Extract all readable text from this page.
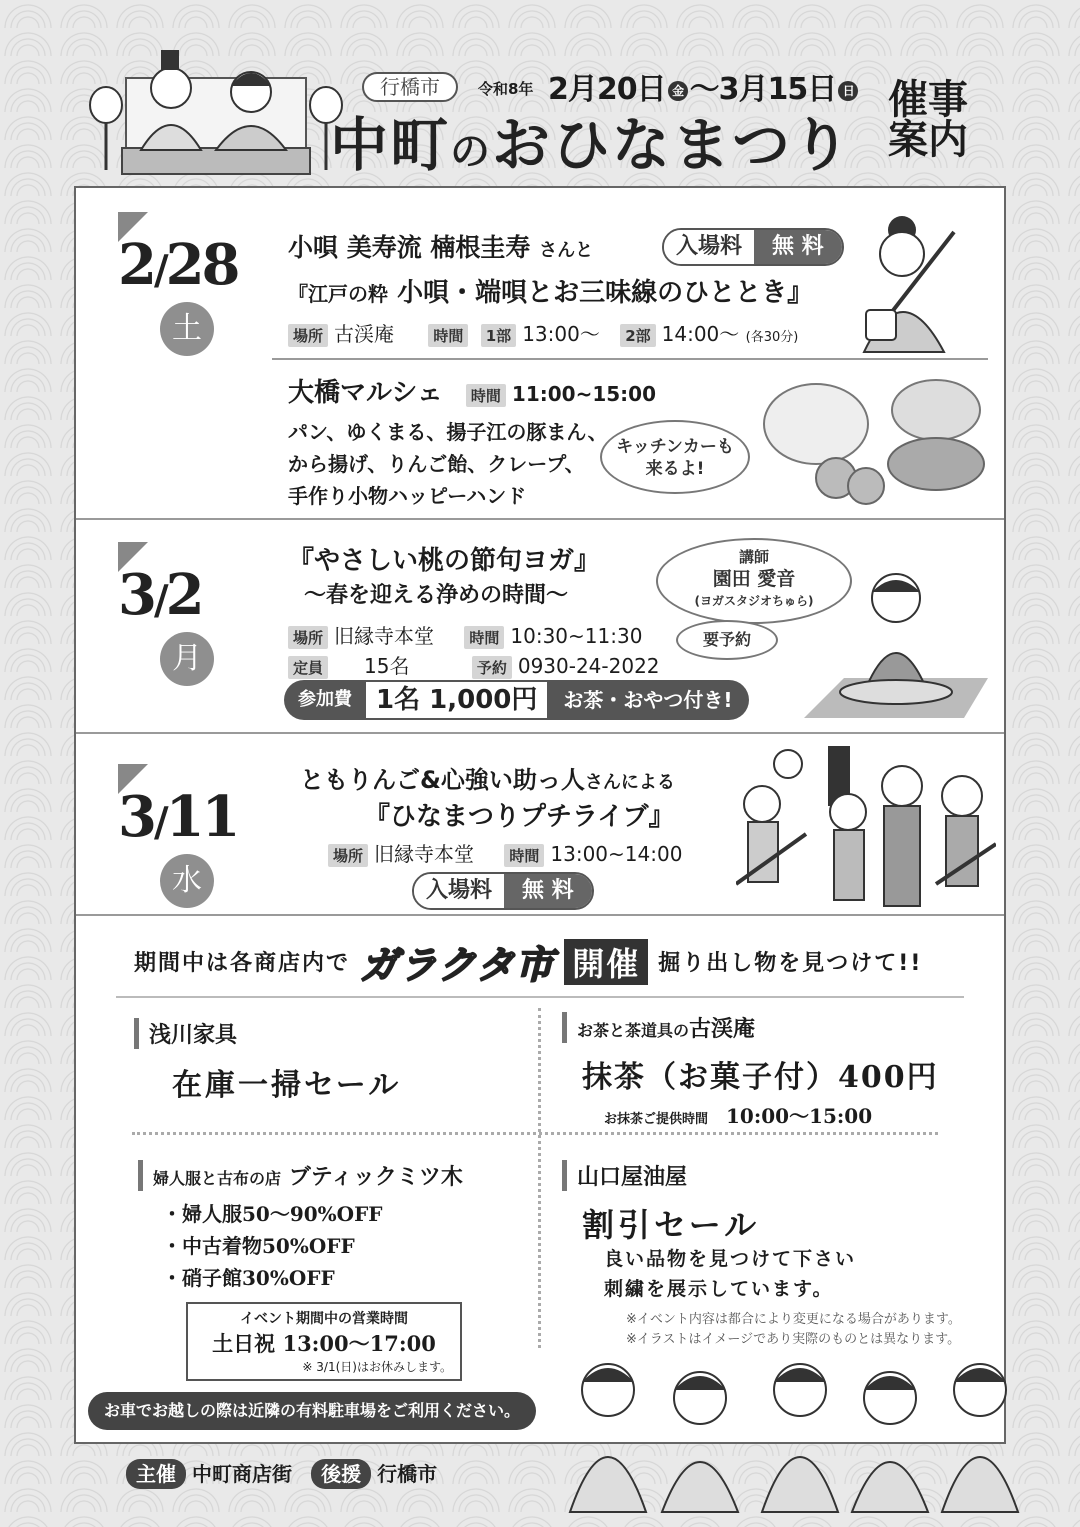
行橋市	令和8年 2月20日 金 ～3月15日 日
中町のおひなまつり
催事
案内
2/28
土
小唄 美寿流 楠根圭寿 さんと	入場料	無 料
『江戸の粋 小唄・端唄とお三味線のひととき』
場所 古渓庵	時間 1部 13:00～ 2部 14:00～ (各30分)
大橋マルシェ 時間 11:00~15:00
パン、ゆくまる、揚子江の豚まん、
から揚げ、りんご飴、クレープ、
手作り小物ハッピーハンド
キッチンカーも
来るよ!
3/2
月
『やさしい桃の節句ヨガ』
～春を迎える浄めの時間～
講師
園田 愛音
(ヨガスタジオちゅら)
要予約
場所 旧縁寺本堂 時間 10:30~11:30
定員 15名	予約 0930-24-2022
参加費 1名 1,000円	お茶・おやつ付き!
3/11
水
ともりんご&心強い助っ人さんによる
『ひなまつりプチライブ』
場所 旧縁寺本堂 時間 13:00~14:00
入場料	無 料
期間中は各商店内で ガラクタ市 開催 掘り出し物を見つけて!!
浅川家具
在庫一掃セール
お茶と茶道具の古渓庵
抹茶（お菓子付）400円
お抹茶ご提供時間 10:00～15:00
婦人服と古布の店 ブティックミツ木
・婦人服50～90%OFF
・中古着物50%OFF
・硝子館30%OFF
イベント期間中の営業時間
土日祝 13:00～17:00
※ 3/1(日)はお休みします。
山口屋油屋
割引セール
良い品物を見つけて下さい
刺繍を展示しています。
※イベント内容は都合により変更になる場合があります。
※イラストはイメージであり実際のものとは異なります。
お車でお越しの際は近隣の有料駐車場をご利用ください。
主催 中町商店街 後援 行橋市
